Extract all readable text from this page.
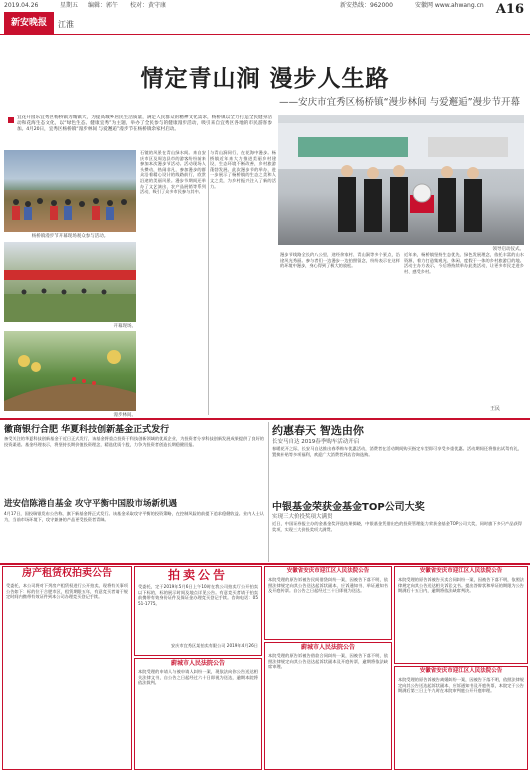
2019.04.26	星期五 编辑：郭午 校对：黄守康	新安热线：962000	安徽网 www.ahwang.cn A16
新安晚报	江淮
情定青山涧 漫步人生路
——安庆市宜秀区杨桥镇“漫步林间 与爱邂逅”漫步节开幕
宜花开园乐宜秀区杨桥镇为城镇大，为提高城乡居民生活质量，满足人民群众的精神文化需求，杨桥镇以全力打造全民健身活动和花海生态文化，以“绿色生态、健康宜秀”为主题，举办了全民参与的健康漫步活动，吸引来自宜秀区各地的市民游客参加。4月20日，宜秀区杨桥镇“漫步林间 与爱邂逅”漫步节在杨桥镇余家村启动。
杨桥镇漫步节开幕现场观众参与活动。
开幕现场。
漫步林间。
领导启动仪式。
石镜的风景在青山绿水间。来自安庆市区及周边县市的游客纷纷前来参加本次漫步节活动。活动现场人头攒动，热闹非凡，参加漫步的群众沿着精心设计的线路前行，欣赏沿途的美丽风景。漫步节期间还举办了文艺演出、农产品展销等系列活动，吸引了众多市民参与其中。
与青山涧同行，在花海中漫步。杨桥镇近年来大力推进美丽乡村建设，生态环境不断改善，乡村旅游蓬勃发展。此次漫步节的举办，进一步展示了杨桥镇的生态之美和人文之美，为乡村振兴注入了新的活力。
漫步节线路全长约八公里，途经余家村、青山涧等多个景点，沿途风光秀丽。参与者们一边漫步一边拍照留念，纷纷表示在这样的环境中漫步，身心得到了极大的放松。
近年来，杨桥镇坚持生态优先、绿色发展理念，依托丰富的山水资源，着力打造集观光、休闲、度假于一体的乡村旅游目的地。活动主办方表示，今后将持续举办此类活动，让更多市民走进乡村、感受乡村。
王民
徽商银行合肥 华夏科技创新基金正式发行
备受关注的华夏科技创新基金于近日正式发行，该基金将重点投资于科技创新领域的优质企业，为投资者分享科技创新发展成果提供了良好的投资渠道。基金经理表示，将坚持长期价值投资理念，精选优质个股，力争为投资者创造长期稳健回报。
进安信陈港自基金 攻守平衡中国股市场新机遇
4月17日，国投瑞银发布公告称，旗下新基金将正式发行。该基金采取攻守平衡的投资策略，在控制风险的前提下追求稳健收益。业内人士认为，当前市场环境下，攻守兼备的产品更受投资者青睐。
约惠春天 智选由你
长安马自达 2019春季购车活动开启
春暖花开之际，长安马自达推出春季购车优惠活动，消费者在活动期间购买指定车型即可享受多重优惠。活动期间还将推出试驾有礼、置换补贴等多项福利，欢迎广大消费者到店咨询选购。
中银基金荣获金基金TOP公司大奖
实现三大价投奖项大满贯
近日，中国证券报主办的金基金奖评选结果揭晓，中银基金凭借出色的投资管理能力荣获金基金TOP公司大奖，同时旗下多只产品获得奖项，实现三大价投奖项大满贯。
房产租赁权拍卖公告
受委托，本公司将对下列房产租赁权进行公开拍卖，现将有关事项公告如下：标的位于合肥市区，租赁期限五年，有意竞买者请于规定时间内携带有效证件到本公司办理竞买登记手续。
拍卖公告
受委托，定于2019年5月6日上午10时在我公司拍卖厅公开拍卖以下标的，标的展示时间及地点详见公告。有意竞买者请于拍卖前携带有效身份证件及保证金办理竞买登记手续。咨询电话：0551-1775。
安庆市宜秀区某拍卖有限公司 2019年4月26日
蔚城市人民法院公告
本院受理的申请人与被申请人纠纷一案，现依法向你公告送达相关法律文书，自公告之日起经过六十日即视为送达，逾期本院将依法裁判。
安徽省安庆市迎江区人民法院公告
本院受理的原告诉被告民间借贷纠纷一案，因被告下落不明，依照法律规定向其公告送达起诉状副本、应诉通知书、举证通知书及开庭传票。自公告之日起经过三十日即视为送达。
蔚城市人民法院公告
本院受理的原告诉被告借款合同纠纷一案，因被告下落不明，依照法律规定向其公告送达起诉状副本及开庭传票，逾期将依法缺席审理。
安徽省安庆市迎江区人民法院公告
本院受理的原告诉被告买卖合同纠纷一案，因被告下落不明，依照法律规定向其公告送达相关诉讼文书。提出答辩状和举证的期限为公告期满后十五日内，逾期将依法缺席判决。
安徽省安庆市迎江区人民法院公告
本院受理的原告诉被告离婚纠纷一案，因被告下落不明，依照法律规定向其公告送达起诉状副本、应诉通知书及开庭传票，本院定于公告期满后第三日上午九时在本院审判庭公开开庭审理。
